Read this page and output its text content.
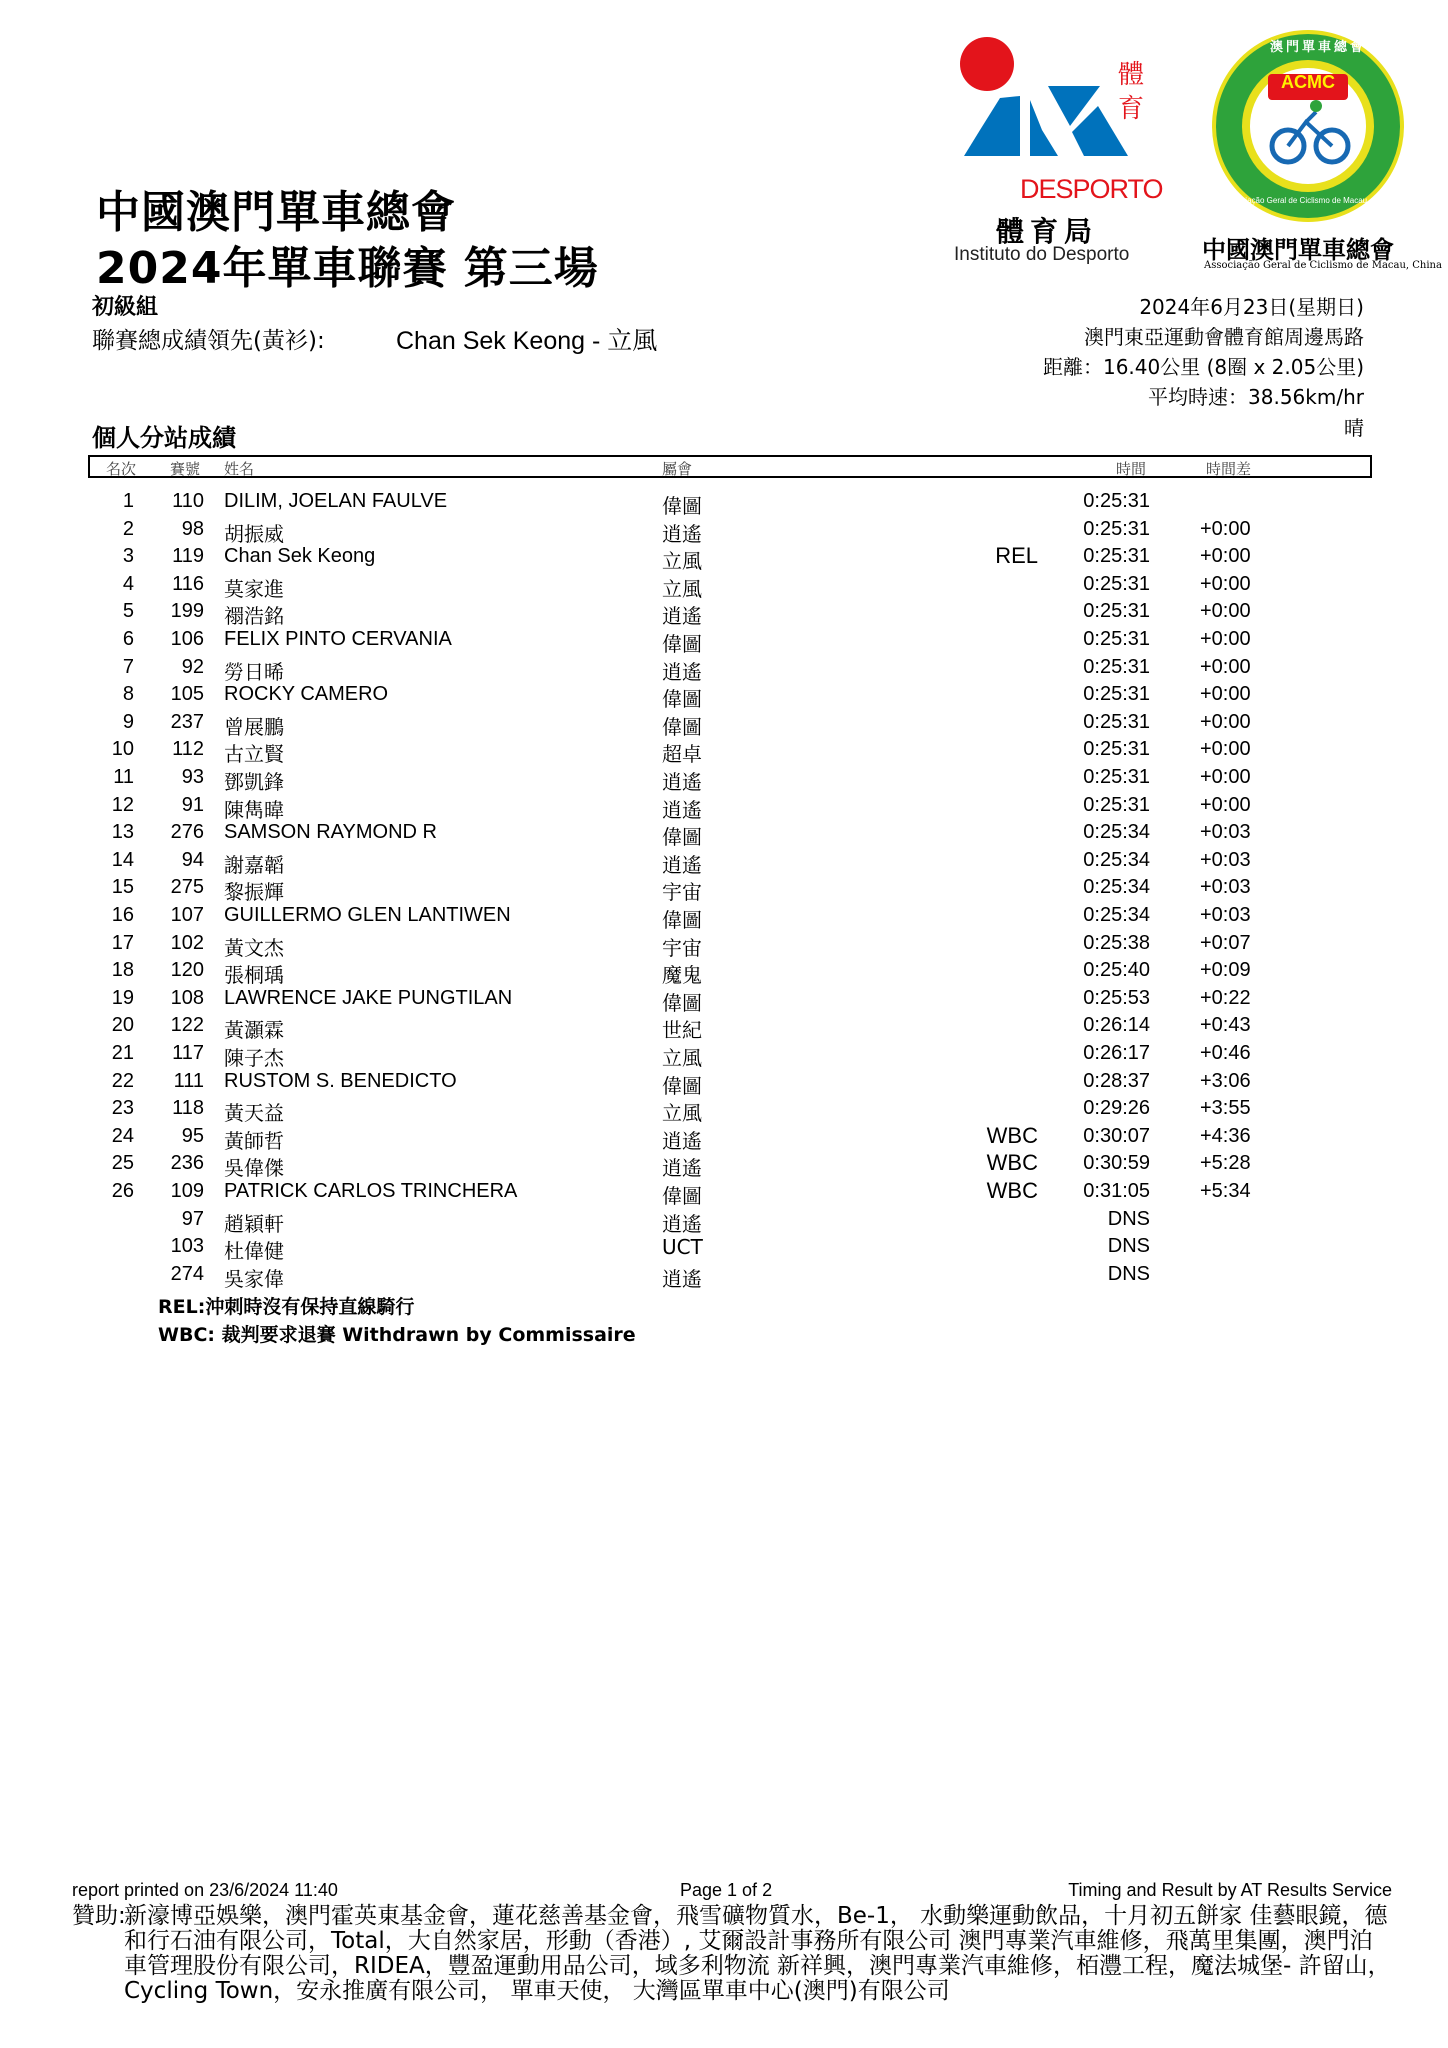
體
育
DESPORTO
體育局
Instituto do Desporto
ACMC
澳門單車總會
Associação Geral de Ciclismo de Macau, China
中國澳門單車總會
Associação Geral de Ciclismo de Macau, China
中國澳門單車總會
2024年單車聯賽 第三場
初級組
聯賽總成績領先(黃衫):	Chan Sek Keong - 立風
2024年6月23日(星期日)
澳門東亞運動會體育館周邊馬路
距離：16.40公里 (8圈 x 2.05公里)
平均時速：38.56km/hr
晴
個人分站成績
名次 賽號 姓名	屬會	時間	時間差
1	110 DILIM, JOELAN FAULVE	偉圖	0:25:31
2	98 胡振威	逍遙	0:25:31	+0:00
3	119 Chan Sek Keong	立風	REL	0:25:31	+0:00
4	116 莫家進	立風	0:25:31	+0:00
5	199 禤浩銘	逍遙	0:25:31	+0:00
6	106 FELIX PINTO CERVANIA	偉圖	0:25:31	+0:00
7	92 勞日晞	逍遙	0:25:31	+0:00
8	105 ROCKY CAMERO	偉圖	0:25:31	+0:00
9	237 曾展鵬	偉圖	0:25:31	+0:00
10	112 古立賢	超卓	0:25:31	+0:00
11	93 鄧凱鋒	逍遙	0:25:31	+0:00
12	91 陳雋暐	逍遙	0:25:31	+0:00
13	276 SAMSON RAYMOND R	偉圖	0:25:34	+0:03
14	94 謝嘉韜	逍遙	0:25:34	+0:03
15	275 黎振輝	宇宙	0:25:34	+0:03
16	107 GUILLERMO GLEN LANTIWEN	偉圖	0:25:34	+0:03
17	102 黃文杰	宇宙	0:25:38	+0:07
18	120 張桐瑀	魔鬼	0:25:40	+0:09
19	108 LAWRENCE JAKE PUNGTILAN	偉圖	0:25:53	+0:22
20	122 黃灝霖	世紀	0:26:14	+0:43
21	117 陳子杰	立風	0:26:17	+0:46
22	111 RUSTOM S. BENEDICTO	偉圖	0:28:37	+3:06
23	118 黃天益	立風	0:29:26	+3:55
24	95 黃師哲	逍遙	WBC	0:30:07	+4:36
25	236 吳偉傑	逍遙	WBC	0:30:59	+5:28
26	109 PATRICK CARLOS TRINCHERA	偉圖	WBC	0:31:05	+5:34
97 趙穎軒	逍遙	DNS
103 杜偉健	UCT	DNS
274 吳家偉	逍遙	DNS
REL:沖刺時沒有保持直線騎行
WBC: 裁判要求退賽 Withdrawn by Commissaire
report printed on 23/6/2024 11:40	Page 1 of 2	Timing and Result by AT Results Service
贊助:
新濠博亞娛樂，澳門霍英東基金會，蓮花慈善基金會，飛雪礦物質水，Be-1， 水動樂運動飲品，十月初五餅家 佳藝眼鏡，德和行石油有限公司，Total，大自然家居，形動（香港）, 艾爾設計事務所有限公司 澳門專業汽車維修，飛萬里集團，澳門泊車管理股份有限公司，RIDEA，豐盈運動用品公司，域多利物流 新祥興，澳門專業汽車維修，栢灃工程，魔法城堡- 許留山，Cycling Town，安永推廣有限公司， 單車天使， 大灣區單車中心(澳門)有限公司
